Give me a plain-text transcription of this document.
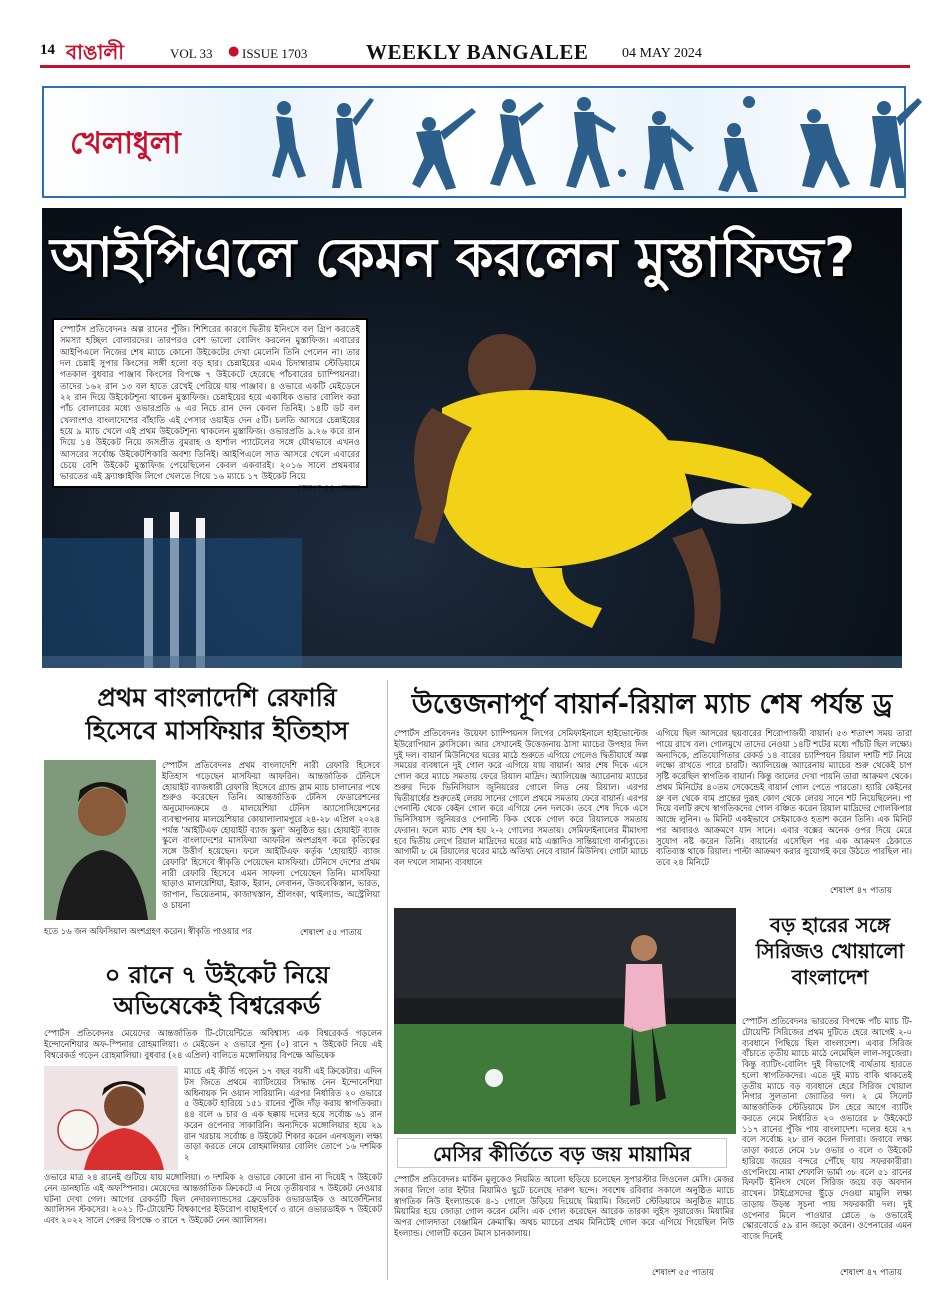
14 বাঙালী	VOL 33 ● ISSUE 1703	WEEKLY BANGALEE 04 MAY 2024
খেলাধুলা
আইপিএলে কেমন করলেন মুস্তাফিজ?
স্পোর্টস প্রতিবেদনঃ অল্প রানের পুঁজি। শিশিরের কারণে দ্বিতীয় ইনিংসে বল গ্রিপ করতেই সমস্যা হচ্ছিল বোলারদের। তারপরও বেশ ভালো বোলিং করলেন মুস্তাফিজ। এবারের আইপিএলে নিজের শেষ ম্যাচে কোনো উইকেটের দেখা মেলেনি তিনি পেলেন না। তার দল চেন্নাই সুপার কিংসের সঙ্গী হলো বড় হার। চেন্নাইয়ের এমএ চিদাম্বারাম স্টেডিয়ামে গতকাল বুধবার পাঞ্জাব কিংসের বিপক্ষে ৭ উইকেটে হেরেছে পাঁচবারের চ্যাম্পিয়নরা। তাদের ১৬২ রান ১৩ বল হাতে রেখেই পেরিয়ে যায় পাঞ্জাব। ৪ ওভারে একটি মেইডেনে ২২ রান দিয়ে উইকেটশূন্য থাকেন মুস্তাফিজ। চেন্নাইয়ের হয়ে একাধিক ওভার বোলিং করা পাঁচ বোলারের মধ্যে ওভারপ্রতি ৬ এর নিচে রান দেন কেবল তিনিই। ১৪টি ডট বল খেলাংশও বাংলাদেশের বাঁহাতি এই পেসার ওয়াইড দেন ৫টি। চলতি আসরে চেন্নাইয়ের হয়ে ৯ ম্যাচ খেলে এই প্রথম উইকেটশূন্য থাকলেন মুস্তাফিজ। ওভারপ্রতি ৯.২৬ করে রান দিয়ে ১৪ উইকেট নিয়ে জসপ্রীত বুমরাহ ও হার্শাল প্যাটেলের সঙ্গে যৌথভাবে এখনও আসরের সর্বোচ্চ উইকেটশিকারি অবশ্য তিনিই। আইপিএলে সাত আসরে খেলে এবারের চেয়ে বেশি উইকেট মুস্তাফিজ পেয়েছিলেন কেবল একবারই। ২০১৬ সালে প্রথমবার ভারতের এই ফ্র্যাঞ্চাইজি লিগে খেলতে গিয়ে ১৬ ম্যাচে ১৭ উইকেট নিয়ে
শেষাংশ ৪৪ পাতায়
প্রথম বাংলাদেশি রেফারি
হিসেবে মাসফিয়ার ইতিহাস
স্পোর্টস প্রতিবেদনঃ প্রথম বাংলাদেশি নারী রেফারি হিসেবে ইতিহাস গড়েছেন মাসফিয়া আফরিন। আন্তর্জাতিক টেনিসে হোয়াইট ব্যাজধারী রেফারি হিসেবে গ্র্যান্ড স্লাম ম্যাচ চালানোর পথে শুরুও করেছেন তিনি। আন্তর্জাতিক টেনিস ফেডারেশনের অনুমোদনক্রমে ও মালয়েশিয়া টেনিস অ্যাসোসিয়েশনের ব্যবস্থাপনায় মালয়েশিয়ার কোয়ালালামপুরে ২৪-২৮ এপ্রিল ২০২৪ পর্যন্ত 'আইটিএফ হোয়াইট ব্যাজ স্কুল' অনুষ্ঠিত হয়। হোয়াইট ব্যাজ স্কুলে বাংলাদেশের মাসফিয়া আফরিন অংশগ্রহণ করে কৃতিত্বের সঙ্গে উত্তীর্ণ হয়েছেন। ফলে আইটিএফ কর্তৃক 'হোয়াইট ব্যাজ রেফারি' হিসেবে স্বীকৃতি পেয়েছেন মাসফিয়া। টেনিসে দেশের প্রথম নারী রেফারি হিসেবে এমন সাফল্য পেয়েছেন তিনি। মাসফিয়া ছাড়াও মালয়েশিয়া, ইরাক, ইরান, লেবানন, উজবেকিস্তান, ভারত, জাপান, ভিয়েতনাম, কাজাখস্তান, শ্রীলংকা, থাইল্যান্ড, অস্ট্রেলিয়া ও চায়না
হতে ১৬ জন অফিসিয়াল অংশগ্রহণ করেন। স্বীকৃতি পাওয়ার পর	শেষাংশ ৫৫ পাতায়
০ রানে ৭ উইকেট নিয়ে
অভিষেকেই বিশ্বরেকর্ড
স্পোর্টস প্রতিবেদনঃ মেয়েদের আন্তর্জাতিক টি-টোয়েন্টিতে অবিশ্বাস্য এক বিশ্বরেকর্ড গড়লেন ইন্দোনেশিয়ার অফ-স্পিনার রোহমালিয়া। ৩ মেইডেন ২ ওভারে শূন্য (০) রানে ৭ উইকেট নিয়ে এই বিশ্বরেকর্ড গড়েন রোহমালিয়া। বুধবার (২৪ এপ্রিল) বালিতে মঙ্গোলিয়ার বিপক্ষে অভিষেক
ম্যাচে এই কীর্তি গড়েন ১৭ বছর বয়সী এই ক্রিকেটার। এদিন টস জিতে প্রথমে ব্যাটিংয়ের সিদ্ধান্ত নেন ইন্দোনেশিয়া অধিনায়ক নি ওয়ান সারিয়ানি। এরপর নির্ধারিত ২০ ওভারে ৫ উইকেট হারিয়ে ১৫১ রানের পুঁজি দাঁড় করায় স্বাগতিকরা। ৪৪ বলে ৬ চার ও এক ছক্কায় দলের হয়ে সর্বোচ্চ ৬১ রান করেন ওপেনার সাকারিনি। অন্যদিকে মঙ্গোলিয়ার হয়ে ২৯ রান খরচায় সর্বোচ্চ ৪ উইকেট শিকার করেন এনখজুল। লক্ষ্য তাড়া করতে নেমে রোহমালিয়ার বোলিং তোপে ১৬ দশমিক ২
ওভারে মাত্র ২৪ রানেই গুটিয়ে যায় মঙ্গোলিয়া। ৩ দশমিক ২ ওভারে কোনো রান না দিয়েই ৭ উইকেট নেন ডানহাতি এই অফস্পিনার। মেয়েদের আন্তর্জাতিক ক্রিকেটে এ নিয়ে তৃতীয়বার ৭ উইকেট নেওয়ার ঘটনা দেখা গেল। আগের রেকর্ডটি ছিল নেদারল্যান্ডসের ফ্রেডেরিক ওভারডাইক ও আর্জেন্টিনার অ্যালিসন স্টকসের। ২০২১ টি-টোয়েন্টি বিশ্বকাপের ইউরোপ বাছাইপর্বে ৩ রানে ওভারডাইক ৭ উইকেট এবং ২০২২ সালে পেরুর বিপক্ষে ৩ রানে ৭ উইকেট নেন অ্যালিসন।
উত্তেজনাপূর্ণ বায়ার্ন-রিয়াল ম্যাচ শেষ পর্যন্ত ড্র
স্পোর্টস প্রতিবেদনঃ উয়েফা চ্যাম্পিয়নস লিগের সেমিফাইনালে হাইভোল্টেজ ইউরোপিয়ান ক্লাসিকো। আর সেখানেই উত্তেজনায় ঠাসা ম্যাচের উপহার দিল দুই দল। বায়ার্ন মিউনিখের ঘরের মাঠে শুরুতে এগিয়ে গেলেও দ্বিতীয়ার্ধে অল্প সময়ের ব্যবধানে দুই গোল করে এগিয়ে যায় বায়ার্ন। আর শেষ দিকে এসে গোল করে ম্যাচে সমতায় ফেরে রিয়াল মাদ্রিদ। অ্যালিয়েঞ্জ অ্যারেনায় ম্যাচের শুরুর দিকে ভিনিসিয়াস জুনিয়রের গোলে লিড নেয় রিয়াল। এরপর দ্বিতীয়ার্ধের শুরুতেই লেরয় সানের গোলে প্রথমে সমতায় ফেরে বায়ার্ন। এরপর পেনাল্টি থেকে কেইন গোল করে এগিয়ে নেন দলকে। তবে শেষ দিকে এসে ভিনিসিয়াস জুনিয়রও পেনাল্টি কিক থেকে গোল করে রিয়ালকে সমতায় ফেরান। ফলে ম্যাচ শেষ হয় ২-২ গোলের সমতায়। সেমিফাইনালের মীমাংসা হবে দ্বিতীয় লেগে রিয়াল মাদ্রিদের ঘরের মাঠ এস্তাদিও সান্তিয়াগো বার্নাব্যুতে। আগামী ৮ মে রিয়ালের ঘরের মাঠে অতিথ্য নেবে বায়ার্ন মিউনিখ। গোটা ম্যাচে বল দখলে সামান্য ব্যবধানে
এগিয়ে ছিল আসরের ছয়বারের শিরোপাজয়ী বায়ার্ন। ৫৩ শতাংশ সময় তারা পায়ে রাখে বল। গোলমুখে তাদের নেওয়া ১৪টি শটের মধ্যে পাঁচটি ছিল লক্ষ্যে। অন্যদিকে, প্রতিযোগিতার রেকর্ড ১৪ বারের চ্যাম্পিয়ন রিয়াল দশটি শট নিয়ে লক্ষ্যে রাখতে পারে চারটি। অ্যালিয়েঞ্জ অ্যারেনায় ম্যাচের শুরু থেকেই চাপ সৃষ্টি করেছিল স্বাগতিক বায়ার্ন। কিন্তু জালের দেখা পায়নি তারা আক্রমণ থেকে। প্রথম মিনিটের ৪০তম সেকেন্ডেই বায়ার্ন গোল পেতে পারতো। হ্যারি কেইনের থ্রু বল থেকে বাম প্রান্তের দুরূহ কোণ থেকে লেরয় সানে শট নিয়েছিলেন। পা দিয়ে বলটি রুখে স্বাগতিকদের গোল বঞ্চিত করেন রিয়াল মাদ্রিদের গোলকিপার আন্দ্রে লুনিন। ৬ মিনিট একইভাবে সেইমাকেও হতাশ করেন তিনি। এক মিনিট পর আবারও আক্রমণে যান সানে। এবার বক্সের অনেক ওপর দিয়ে মেরে সুযোগ নষ্ট করেন তিনি। বায়ার্নের এসেছিল পর এক আক্রমণ ঠেকাতে ব্যতিব্যস্ত থাকে রিয়াল। পাল্টা আক্রমণ করার সুযোগই করে উঠতে পারছিল না। তবে ২৪ মিনিটে
শেষাংশ ৪৭ পাতায়
মেসির কীর্তিতে বড় জয় মায়ামির
স্পোর্টস প্রতিবেদনঃ মার্কিন মুলুকেও নিয়মিত আলো ছড়িয়ে চলেছেন সুপারস্টার লিওনেল মেসি। মেজর সকার লিগে তার ইন্টার মিয়ামিও ছুটে চলেছে দারুণ ছন্দে। সবশেষ রবিবার সকালে অনুষ্ঠিত ম্যাচে স্বাগতিক নিউ ইংল্যান্ডকে ৪-১ গোলে উড়িয়ে দিয়েছে মিয়ামি। জিলেট স্টেডিয়ামে অনুষ্ঠিত ম্যাচে মিয়ামির হয়ে জোড়া গোল করেন মেসি। এক গোল করেছেন আরেক তারকা লুইস সুয়ারেজ। মিয়ামির অপর গোলদাতা বেঞ্জামিন ক্রেমাস্কি। অথচ ম্যাচের প্রথম মিনিটেই গোল করে এগিয়ে গিয়েছিল নিউ ইংল্যান্ড। গোলটি করেন টমাস চানকালায়।
শেষাংশ ৫৫ পাতায়
বড় হারের সঙ্গে
সিরিজও খোয়ালো
বাংলাদেশ
স্পোর্টস প্রতিবেদনঃ ভারতের বিপক্ষে পাঁচ ম্যাচ টি-টোয়েন্টি সিরিজের প্রথম দুটিতে হেরে আগেই ২-০ ব্যবধানে পিছিয়ে ছিল বাংলাদেশ। এবার সিরিজ বাঁচাতে তৃতীয় ম্যাচে মাঠে নেমেছিল লাল-সবুজেরা। কিন্তু ব্যাটিং-বোলিং দুই বিভাগেই ব্যর্থতায় হারতে হলো স্বাগতিকদের। এতে দুই ম্যাচ বাকি থাকতেই তৃতীয় ম্যাচে বড় ব্যবধানে হেরে সিরিজ খোয়াল নিগার সুলতানা জ্যোতির দল। ২ মে সিলেট আন্তর্জাতিক স্টেডিয়ামে টস হেরে আগে ব্যাটিং করতে নেমে নির্ধারিত ২০ ওভারের ৮ উইকেটে ১১৭ রানের পুঁজি পায় বাংলাদেশ। দলের হয়ে ২৭ বলে সর্বোচ্চ ২৮ রান করেন দিলারা। জবাবে লক্ষ্য তাড়া করতে নেমে ১৮ ওভার ৩ বলে ৩ উইকেট হারিয়ে জয়ের বন্দরে পৌঁছে যায় সফরকারীরা। ওপেনিংয়ে নামা শেফালি ভার্মা ৩৮ বলে ৫১ রানের ফিফটি ইনিংস খেলে সিরিজ জয়ে বড় অবদান রাখেন। টাইগ্রেসদের ছুঁড়ে দেওয়া মামুলি লক্ষ্য তাড়ায় উড়ন্ত সূচনা পায় সফরকারী দল। দুই ওপেনার মিলে পাওয়ার প্লেতে ৬ ওভারেই স্কোরবোর্ডে ৫৯ রান জড়ো করেন। ওপেনারের এমন বাজে দিনেই
শেষাংশ ৪৭ পাতায়
